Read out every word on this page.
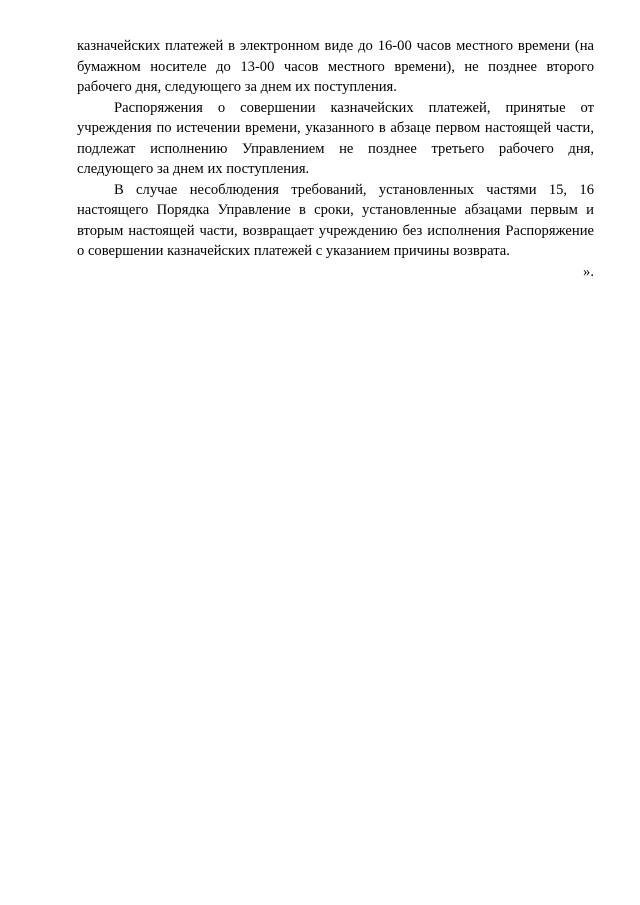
казначейских платежей в электронном виде до 16-00 часов местного времени (на бумажном носителе до 13-00 часов местного времени), не позднее второго рабочего дня, следующего за днем их поступления.

Распоряжения о совершении казначейских платежей, принятые от учреждения по истечении времени, указанного в абзаце первом настоящей части, подлежат исполнению Управлением не позднее третьего рабочего дня, следующего за днем их поступления.

В случае несоблюдения требований, установленных частями 15, 16 настоящего Порядка Управление в сроки, установленные абзацами первым и вторым настоящей части, возвращает учреждению без исполнения Распоряжение о совершении казначейских платежей с указанием причины возврата.

».
